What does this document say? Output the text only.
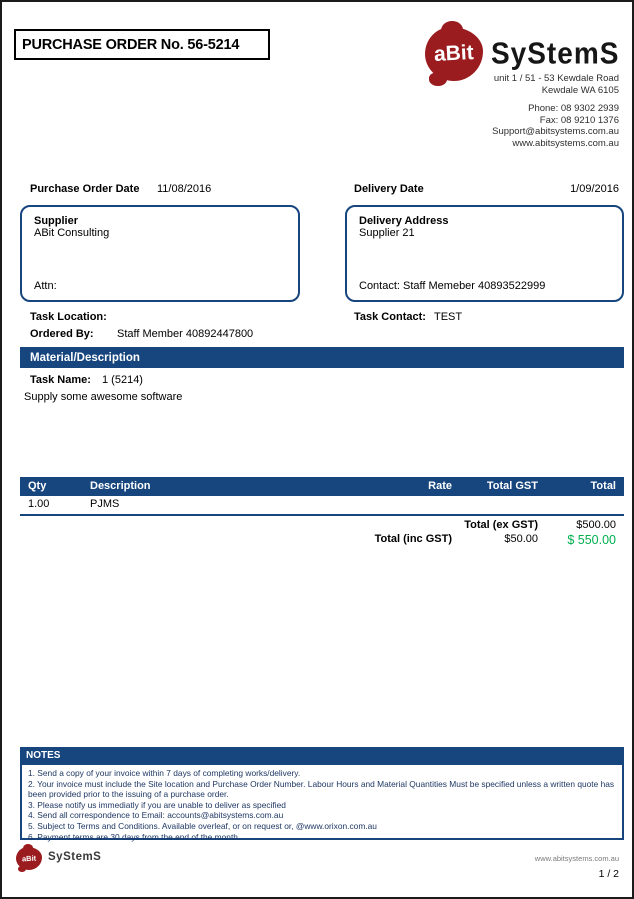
PURCHASE ORDER No. 56-5214	aBit SyStemS
unit 1 / 51 - 53 Kewdale Road
Kewdale WA 6105
Phone: 08 9302 2939
Fax: 08 9210 1376
Support@abitsystems.com.au
www.abitsystems.com.au
Purchase Order Date 11/08/2016	Delivery Date	1/09/2016
Supplier
ABit Consulting
Attn:
Delivery Address
Supplier 21
Contact: Staff Memeber 40893522999
Task Location:
Ordered By: Staff Member 40892447800
Task Contact: TEST
Material/Description
Task Name: 1 (5214)
Supply some awesome software
Qty	Description	Rate	Total GST	Total
1.00	PJMS
Total (ex GST)	$500.00
Total (inc GST)	$50.00	$ 550.00
NOTES
1. Send a copy of your invoice within 7 days of completing works/delivery.
2. Your invoice must include the Site location and Purchase Order Number. Labour Hours and Material Quantities Must be specified unless a written quote has been provided prior to the issuing of a purchase order.
3. Please notify us immediatly if you are unable to deliver as specified
4. Send all correspondence to Email: accounts@abitsystems.com.au
5. Subject to Terms and Conditions. Available overleaf, or on request or, @www.orixon.com.au
6. Payment terms are 30 days from the end of the month.
aBit SyStemS	www.abitsystems.com.au
1 / 2
